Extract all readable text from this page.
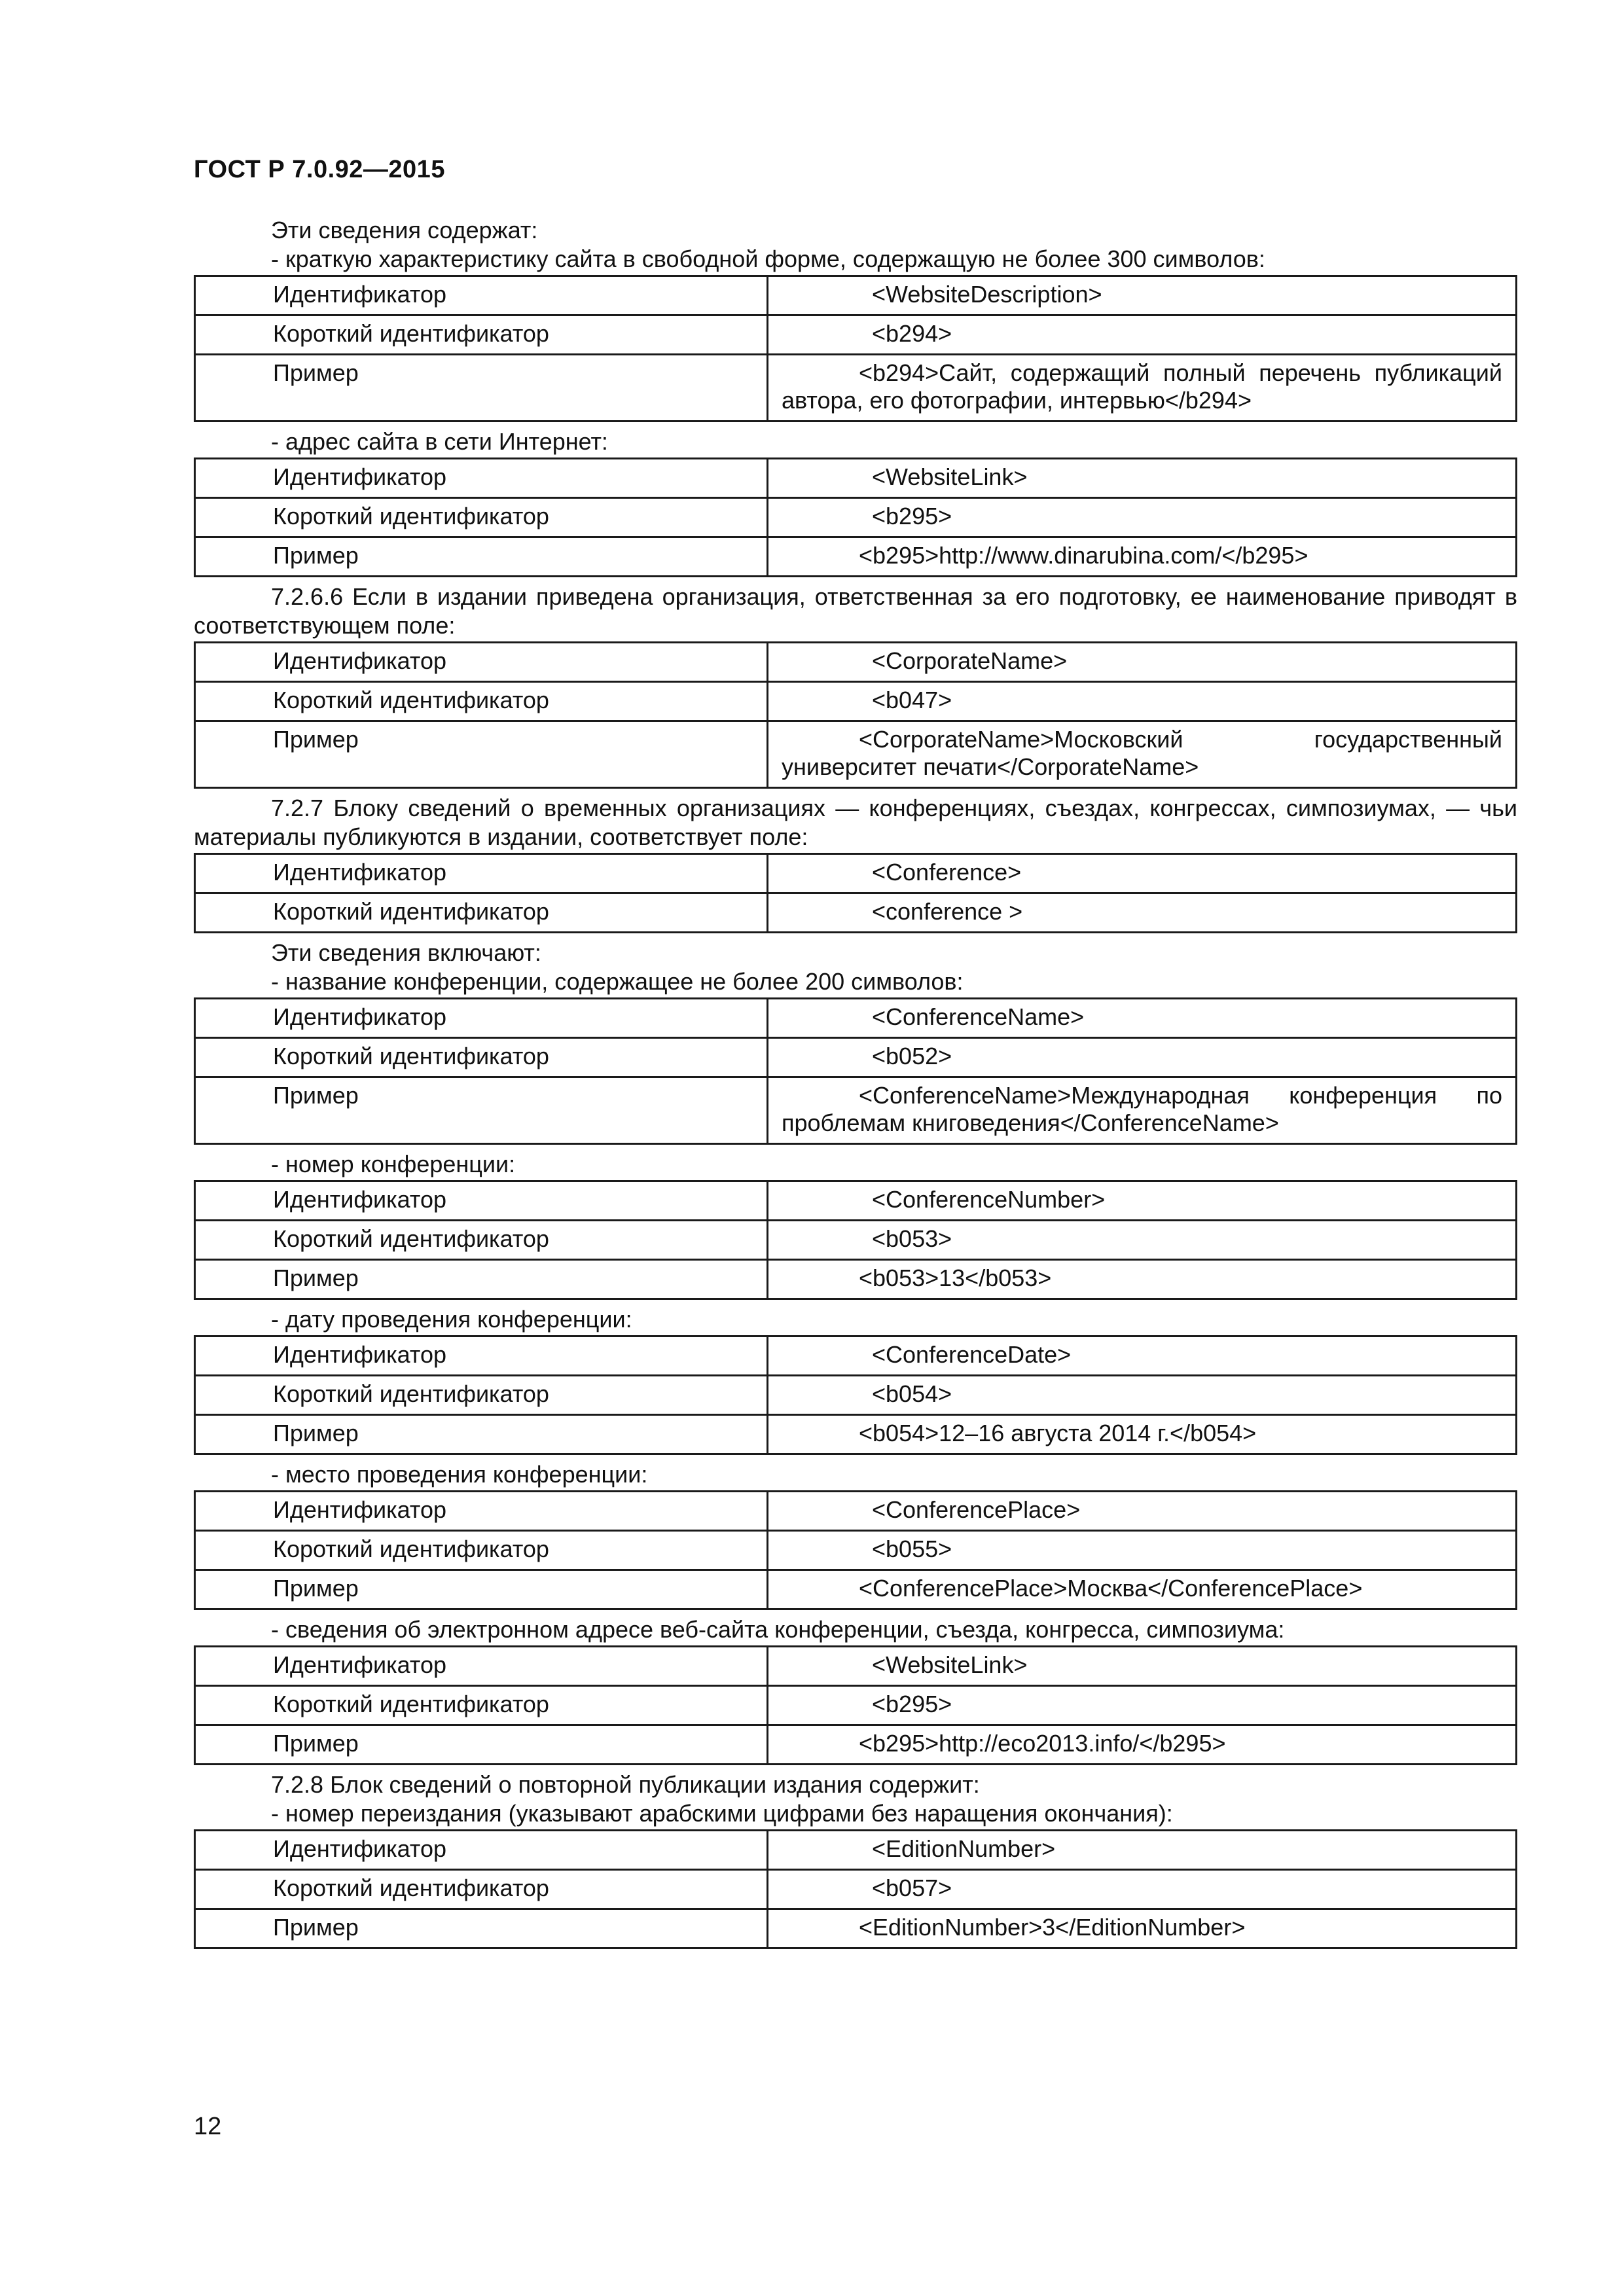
ГОСТ Р 7.0.92—2015

Эти сведения содержат:

- краткую характеристику сайта в свободной форме, содержащую не более 300 символов:

Идентификатор	<WebsiteDescription>
Короткий идентификатор	<b294>
Пример	<b294>Сайт, содержащий полный перечень публикаций автора, его фотографии, интервью</b294>

- адрес сайта в сети Интернет:

Идентификатор	<WebsiteLink>
Короткий идентификатор	<b295>
Пример	<b295>http://www.dinarubina.com/</b295>

7.2.6.6 Если в издании приведена организация, ответственная за его подготовку, ее наименование приводят в соответствующем поле:

Идентификатор	<CorporateName>
Короткий идентификатор	<b047>
Пример	<CorporateName>Московский государственный университет печати</CorporateName>

7.2.7 Блоку сведений о временных организациях — конференциях, съездах, конгрессах, симпозиумах, — чьи материалы публикуются в издании, соответствует поле:

Идентификатор	<Conference>
Короткий идентификатор	<conference >

Эти сведения включают:

- название конференции, содержащее не более 200 символов:

Идентификатор	<ConferenceName>
Короткий идентификатор	<b052>
Пример	<ConferenceName>Международная конференция по проблемам книговедения</ConferenceName>

- номер конференции:

Идентификатор	<ConferenceNumber>
Короткий идентификатор	<b053>
Пример	<b053>13</b053>

- дату проведения конференции:

Идентификатор	<ConferenceDate>
Короткий идентификатор	<b054>
Пример	<b054>12–16 августа 2014 г.</b054>

- место проведения конференции:

Идентификатор	<ConferencePlace>
Короткий идентификатор	<b055>
Пример	<ConferencePlace>Москва</ConferencePlace>

- сведения об электронном адресе веб-сайта конференции, съезда, конгресса, симпозиума:

Идентификатор	<WebsiteLink>
Короткий идентификатор	<b295>
Пример	<b295>http://eco2013.info/</b295>

7.2.8 Блок сведений о повторной публикации издания содержит:

- номер переиздания (указывают арабскими цифрами без наращения окончания):

Идентификатор	<EditionNumber>
Короткий идентификатор	<b057>
Пример	<EditionNumber>3</EditionNumber>
12
